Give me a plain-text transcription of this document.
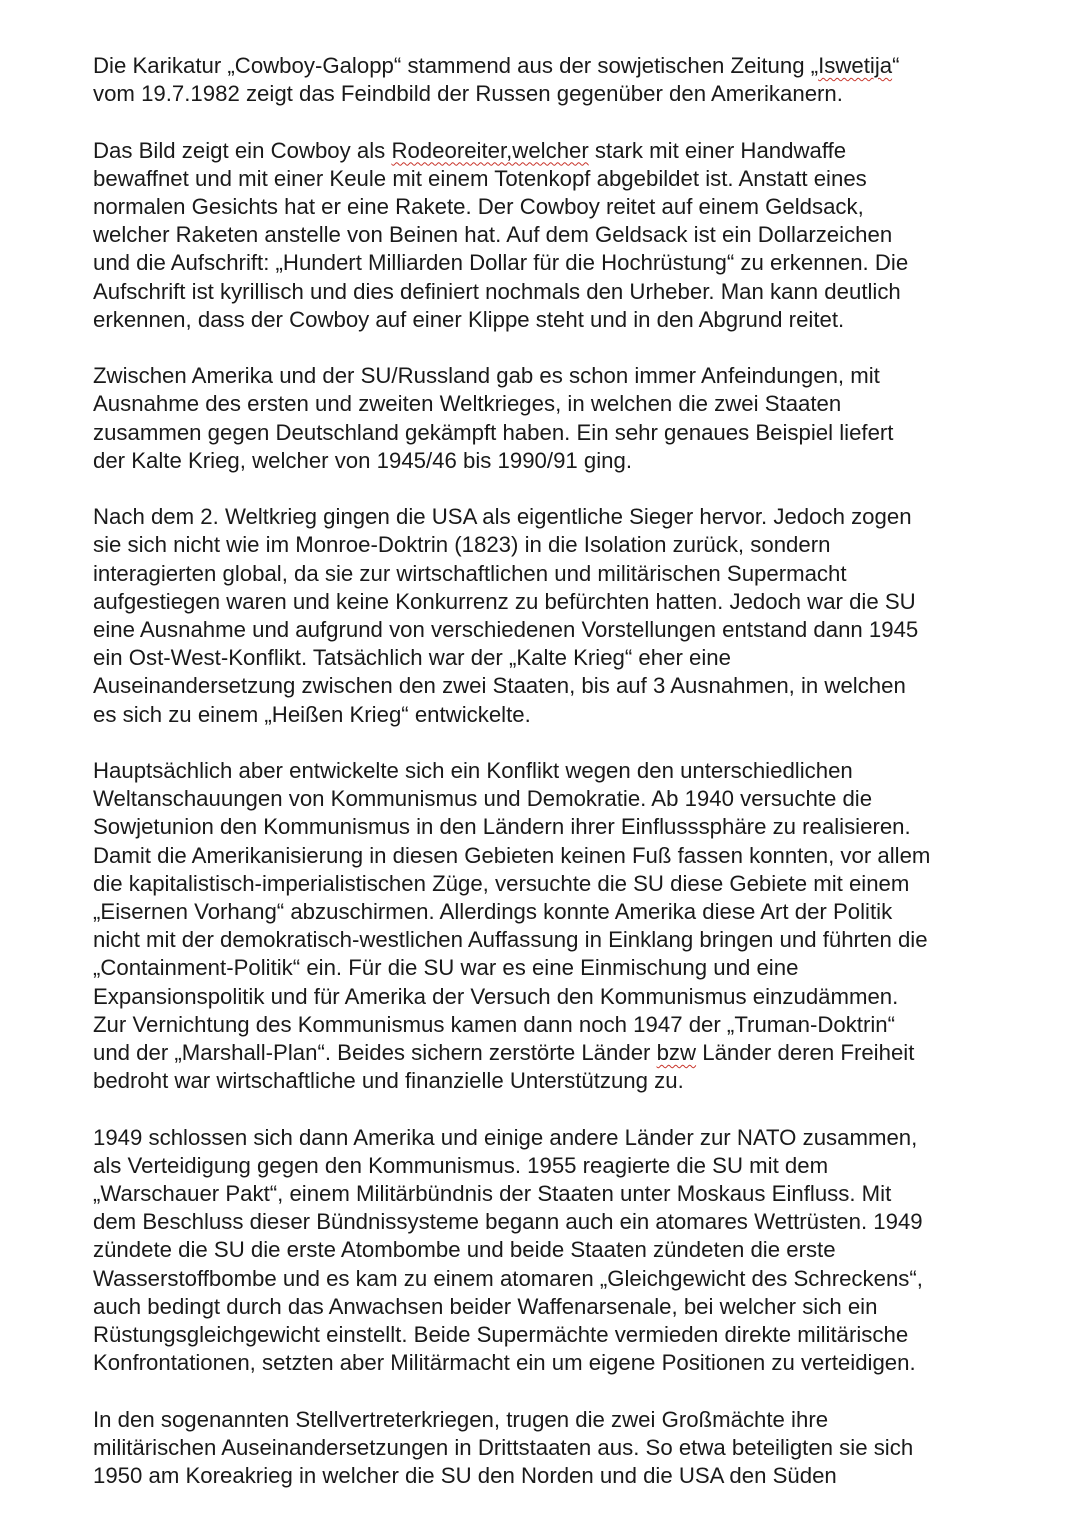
Die Karikatur „Cowboy-Galopp“ stammend aus der sowjetischen Zeitung „Iswetija“
vom 19.7.1982 zeigt das Feindbild der Russen gegenüber den Amerikanern.
Das Bild zeigt ein Cowboy als Rodeoreiter,welcher stark mit einer Handwaffe
bewaffnet und mit einer Keule mit einem Totenkopf abgebildet ist. Anstatt eines
normalen Gesichts hat er eine Rakete. Der Cowboy reitet auf einem Geldsack,
welcher Raketen anstelle von Beinen hat. Auf dem Geldsack ist ein Dollarzeichen
und die Aufschrift: „Hundert Milliarden Dollar für die Hochrüstung“ zu erkennen. Die
Aufschrift ist kyrillisch und dies definiert nochmals den Urheber. Man kann deutlich
erkennen, dass der Cowboy auf einer Klippe steht und in den Abgrund reitet.
Zwischen Amerika und der SU/Russland gab es schon immer Anfeindungen, mit
Ausnahme des ersten und zweiten Weltkrieges, in welchen die zwei Staaten
zusammen gegen Deutschland gekämpft haben. Ein sehr genaues Beispiel liefert
der Kalte Krieg, welcher von 1945/46 bis 1990/91 ging.
Nach dem 2. Weltkrieg gingen die USA als eigentliche Sieger hervor. Jedoch zogen
sie sich nicht wie im Monroe-Doktrin (1823) in die Isolation zurück, sondern
interagierten global, da sie zur wirtschaftlichen und militärischen Supermacht
aufgestiegen waren und keine Konkurrenz zu befürchten hatten. Jedoch war die SU
eine Ausnahme und aufgrund von verschiedenen Vorstellungen entstand dann 1945
ein Ost-West-Konflikt. Tatsächlich war der „Kalte Krieg“ eher eine
Auseinandersetzung zwischen den zwei Staaten, bis auf 3 Ausnahmen, in welchen
es sich zu einem „Heißen Krieg“ entwickelte.
Hauptsächlich aber entwickelte sich ein Konflikt wegen den unterschiedlichen
Weltanschauungen von Kommunismus und Demokratie. Ab 1940 versuchte die
Sowjetunion den Kommunismus in den Ländern ihrer Einflusssphäre zu realisieren.
Damit die Amerikanisierung in diesen Gebieten keinen Fuß fassen konnten, vor allem
die kapitalistisch-imperialistischen Züge, versuchte die SU diese Gebiete mit einem
„Eisernen Vorhang“ abzuschirmen. Allerdings konnte Amerika diese Art der Politik
nicht mit der demokratisch-westlichen Auffassung in Einklang bringen und führten die
„Containment-Politik“ ein. Für die SU war es eine Einmischung und eine
Expansionspolitik und für Amerika der Versuch den Kommunismus einzudämmen.
Zur Vernichtung des Kommunismus kamen dann noch 1947 der „Truman-Doktrin“
und der „Marshall-Plan“. Beides sichern zerstörte Länder bzw Länder deren Freiheit
bedroht war wirtschaftliche und finanzielle Unterstützung zu.
1949 schlossen sich dann Amerika und einige andere Länder zur NATO zusammen,
als Verteidigung gegen den Kommunismus. 1955 reagierte die SU mit dem
„Warschauer Pakt“, einem Militärbündnis der Staaten unter Moskaus Einfluss. Mit
dem Beschluss dieser Bündnissysteme begann auch ein atomares Wettrüsten. 1949
zündete die SU die erste Atombombe und beide Staaten zündeten die erste
Wasserstoffbombe und es kam zu einem atomaren „Gleichgewicht des Schreckens“,
auch bedingt durch das Anwachsen beider Waffenarsenale, bei welcher sich ein
Rüstungsgleichgewicht einstellt. Beide Supermächte vermieden direkte militärische
Konfrontationen, setzten aber Militärmacht ein um eigene Positionen zu verteidigen.
In den sogenannten Stellvertreterkriegen, trugen die zwei Großmächte ihre
militärischen Auseinandersetzungen in Drittstaaten aus. So etwa beteiligten sie sich
1950 am Koreakrieg in welcher die SU den Norden und die USA den Süden
